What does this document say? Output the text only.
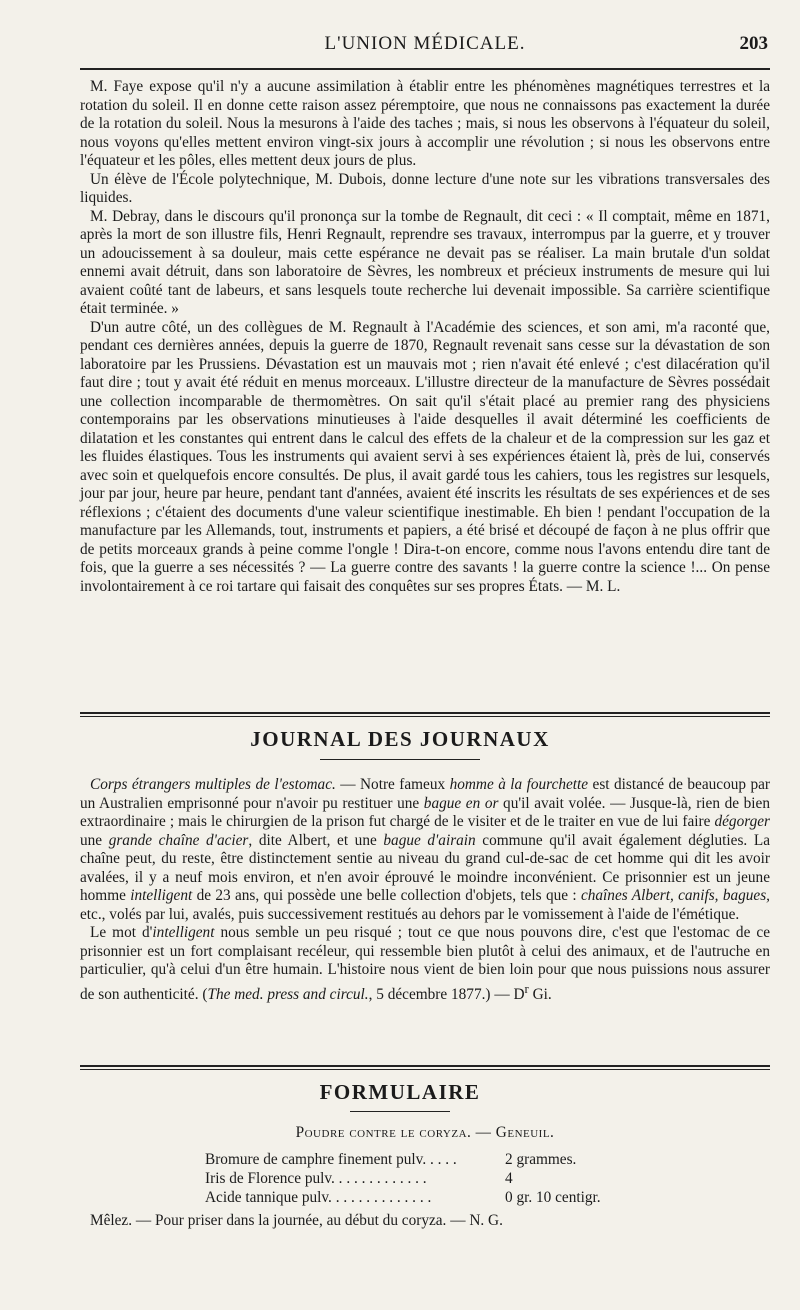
L'UNION MÉDICALE.	203

M. Faye expose qu'il n'y a aucune assimilation à établir entre les phénomènes magnétiques terrestres et la rotation du soleil. Il en donne cette raison assez péremptoire, que nous ne connaissons pas exactement la durée de la rotation du soleil. Nous la mesurons à l'aide des taches ; mais, si nous les observons à l'équateur du soleil, nous voyons qu'elles mettent environ vingt-six jours à accomplir une révolution ; si nous les observons entre l'équateur et les pôles, elles mettent deux jours de plus.

Un élève de l'École polytechnique, M. Dubois, donne lecture d'une note sur les vibrations transversales des liquides.

M. Debray, dans le discours qu'il prononça sur la tombe de Regnault, dit ceci : « Il comptait, même en 1871, après la mort de son illustre fils, Henri Regnault, reprendre ses travaux, interrompus par la guerre, et y trouver un adoucissement à sa douleur, mais cette espérance ne devait pas se réaliser. La main brutale d'un soldat ennemi avait détruit, dans son laboratoire de Sèvres, les nombreux et précieux instruments de mesure qui lui avaient coûté tant de labeurs, et sans lesquels toute recherche lui devenait impossible. Sa carrière scientifique était terminée. »

D'un autre côté, un des collègues de M. Regnault à l'Académie des sciences, et son ami, m'a raconté que, pendant ces dernières années, depuis la guerre de 1870, Regnault revenait sans cesse sur la dévastation de son laboratoire par les Prussiens. Dévastation est un mauvais mot ; rien n'avait été enlevé ; c'est dilacération qu'il faut dire ; tout y avait été réduit en menus morceaux. L'illustre directeur de la manufacture de Sèvres possédait une collection incomparable de thermomètres. On sait qu'il s'était placé au premier rang des physiciens contemporains par les observations minutieuses à l'aide desquelles il avait déterminé les coefficients de dilatation et les constantes qui entrent dans le calcul des effets de la chaleur et de la compression sur les gaz et les fluides élastiques. Tous les instruments qui avaient servi à ses expériences étaient là, près de lui, conservés avec soin et quelquefois encore consultés. De plus, il avait gardé tous les cahiers, tous les registres sur lesquels, jour par jour, heure par heure, pendant tant d'années, avaient été inscrits les résultats de ses expériences et de ses réflexions ; c'étaient des documents d'une valeur scientifique inestimable. Eh bien ! pendant l'occupation de la manufacture par les Allemands, tout, instruments et papiers, a été brisé et découpé de façon à ne plus offrir que de petits morceaux grands à peine comme l'ongle ! Dira-t-on encore, comme nous l'avons entendu dire tant de fois, que la guerre a ses nécessités ? — La guerre contre des savants ! la guerre contre la science !... On pense involontairement à ce roi tartare qui faisait des conquêtes sur ses propres États. — M. L.

JOURNAL DES JOURNAUX

Corps étrangers multiples de l'estomac. — Notre fameux homme à la fourchette est distancé de beaucoup par un Australien emprisonné pour n'avoir pu restituer une bague en or qu'il avait volée. — Jusque-là, rien de bien extraordinaire ; mais le chirurgien de la prison fut chargé de le visiter et de le traiter en vue de lui faire dégorger une grande chaîne d'acier, dite Albert, et une bague d'airain commune qu'il avait également dégluties. La chaîne peut, du reste, être distinctement sentie au niveau du grand cul-de-sac de cet homme qui dit les avoir avalées, il y a neuf mois environ, et n'en avoir éprouvé le moindre inconvénient. Ce prisonnier est un jeune homme intelligent de 23 ans, qui possède une belle collection d'objets, tels que : chaînes Albert, canifs, bagues, etc., volés par lui, avalés, puis successivement restitués au dehors par le vomissement à l'aide de l'émétique.

Le mot d'intelligent nous semble un peu risqué ; tout ce que nous pouvons dire, c'est que l'estomac de ce prisonnier est un fort complaisant recéleur, qui ressemble bien plutôt à celui des animaux, et de l'autruche en particulier, qu'à celui d'un être humain. L'histoire nous vient de bien loin pour que nous puissions nous assurer de son authenticité. (The med. press and circul., 5 décembre 1877.) — $D^r$ Gi.

FORMULAIRE
Poudre contre le coryza. — Geneuil.
Bromure de camphre finement pulv. . . . .	2 grammes.
Iris de Florence pulv. . . . . . . . . . . . .	4
Acide tannique pulv. . . . . . . . . . . . . .	0 gr. 10 centigr.

Mêlez. — Pour priser dans la journée, au début du coryza. — N. G.
